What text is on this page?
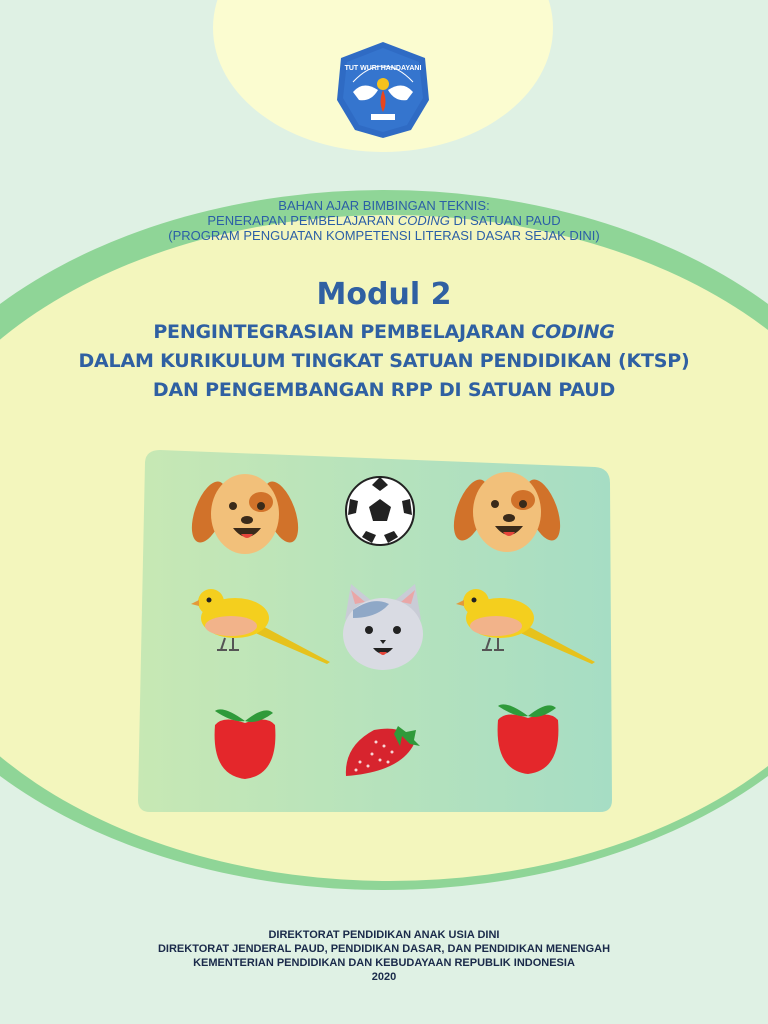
TUT WURI HANDAYANI
BAHAN AJAR BIMBINGAN TEKNIS:
PENERAPAN PEMBELAJARAN CODING DI SATUAN PAUD
(PROGRAM PENGUATAN KOMPETENSI LITERASI DASAR SEJAK DINI)
Modul 2
PENGINTEGRASIAN PEMBELAJARAN CODING
DALAM KURIKULUM TINGKAT SATUAN PENDIDIKAN (KTSP)
DAN PENGEMBANGAN RPP DI SATUAN PAUD
DIREKTORAT PENDIDIKAN ANAK USIA DINI
DIREKTORAT JENDERAL PAUD, PENDIDIKAN DASAR, DAN PENDIDIKAN MENENGAH
KEMENTERIAN PENDIDIKAN DAN KEBUDAYAAN REPUBLIK INDONESIA
2020
